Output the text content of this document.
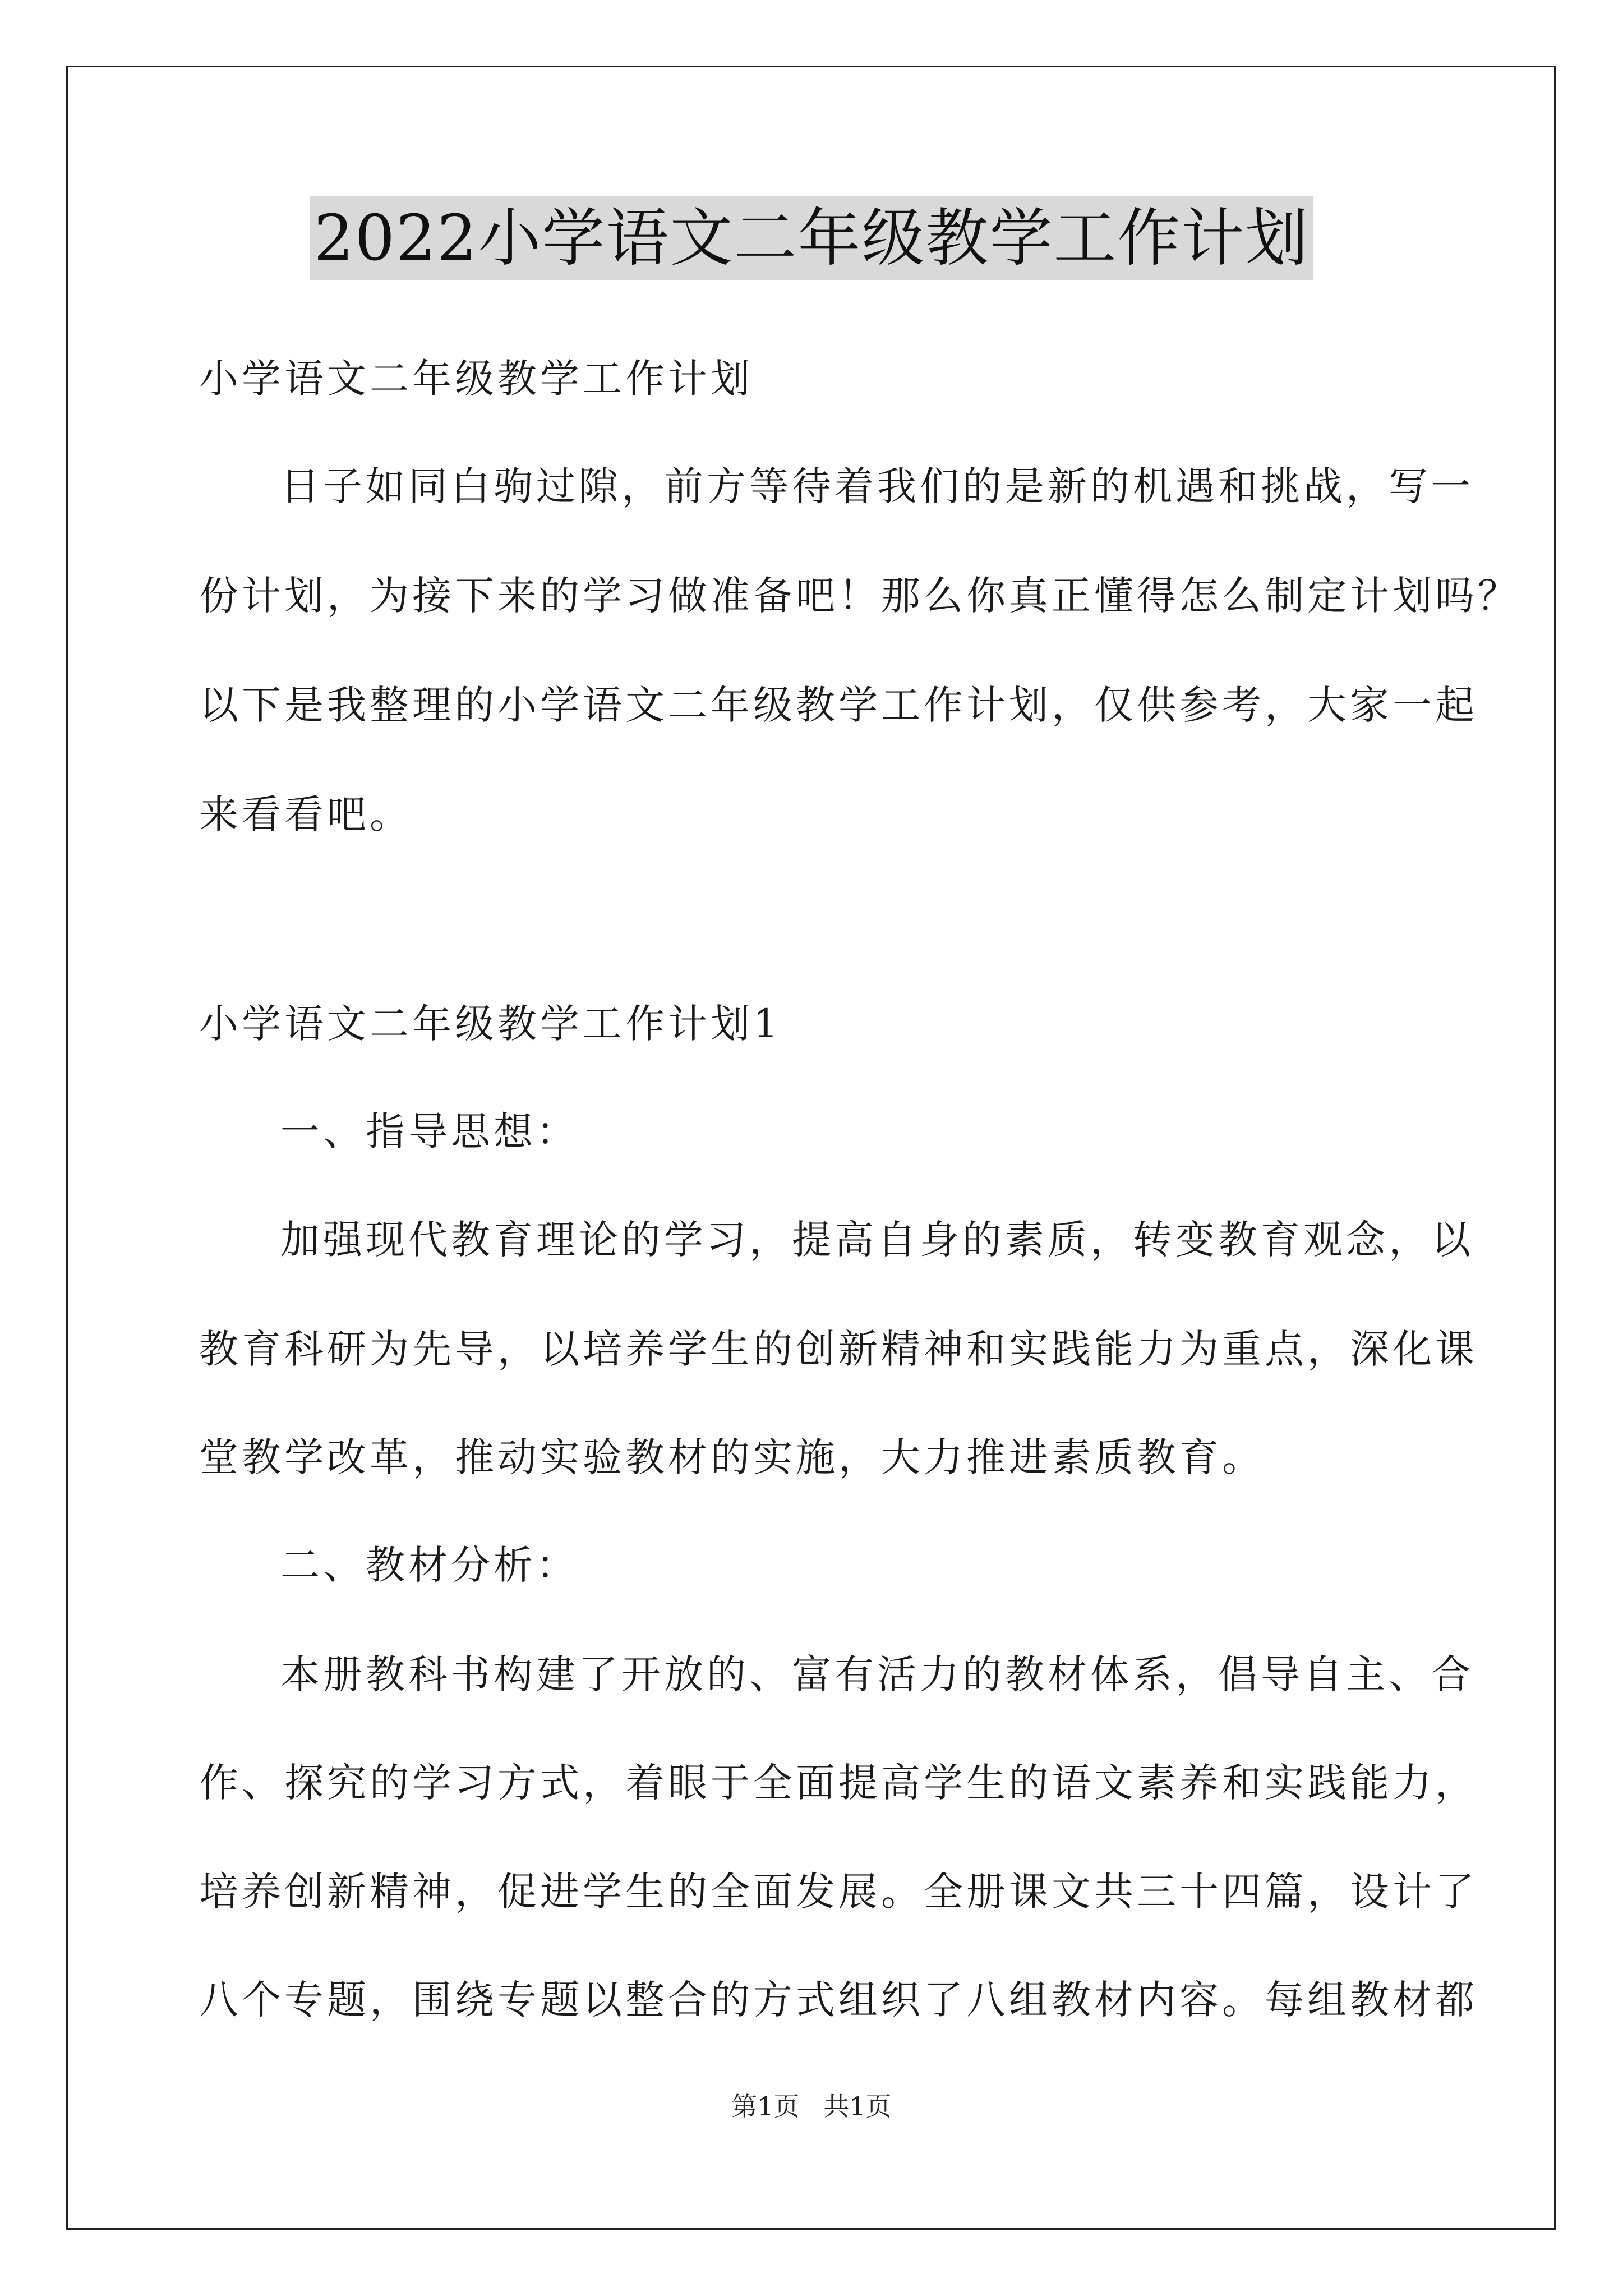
2022小学语文二年级教学工作计划
小学语文二年级教学工作计划
日子如同白驹过隙，前方等待着我们的是新的机遇和挑战，写一
份计划，为接下来的学习做准备吧！那么你真正懂得怎么制定计划吗？
以下是我整理的小学语文二年级教学工作计划，仅供参考，大家一起
来看看吧。
小学语文二年级教学工作计划1
一、指导思想：
加强现代教育理论的学习，提高自身的素质，转变教育观念，以
教育科研为先导，以培养学生的创新精神和实践能力为重点，深化课
堂教学改革，推动实验教材的实施，大力推进素质教育。
二、教材分析：
本册教科书构建了开放的、富有活力的教材体系，倡导自主、合
作、探究的学习方式，着眼于全面提高学生的语文素养和实践能力，
培养创新精神，促进学生的全面发展。全册课文共三十四篇，设计了
八个专题，围绕专题以整合的方式组织了八组教材内容。每组教材都
第1页 共1页
